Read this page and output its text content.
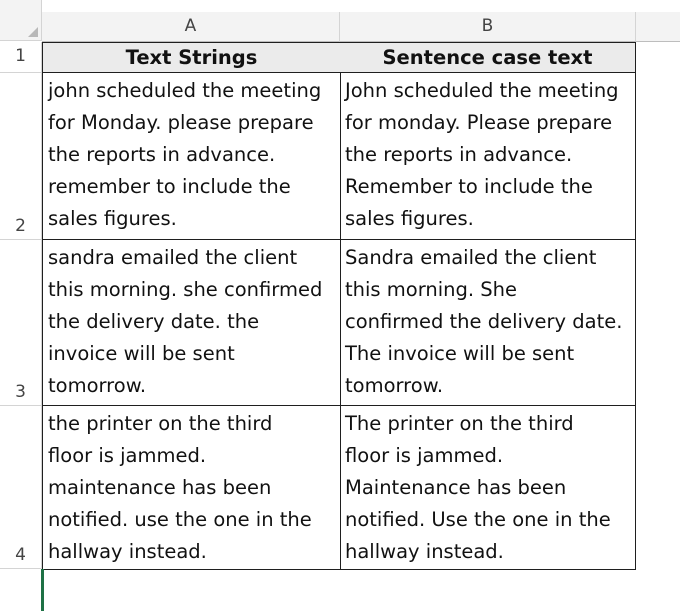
A	B
1
2
3
4
Text Strings	Sentence case text
john scheduled the meeting
for Monday. please prepare
the reports in advance.
remember to include the
sales figures.
John scheduled the meeting
for monday. Please prepare
the reports in advance.
Remember to include the
sales figures.
sandra emailed the client
this morning. she confirmed
the delivery date. the
invoice will be sent
tomorrow.
Sandra emailed the client
this morning. She
confirmed the delivery date.
The invoice will be sent
tomorrow.
the printer on the third
floor is jammed.
maintenance has been
notified. use the one in the
hallway instead.
The printer on the third
floor is jammed.
Maintenance has been
notified. Use the one in the
hallway instead.
